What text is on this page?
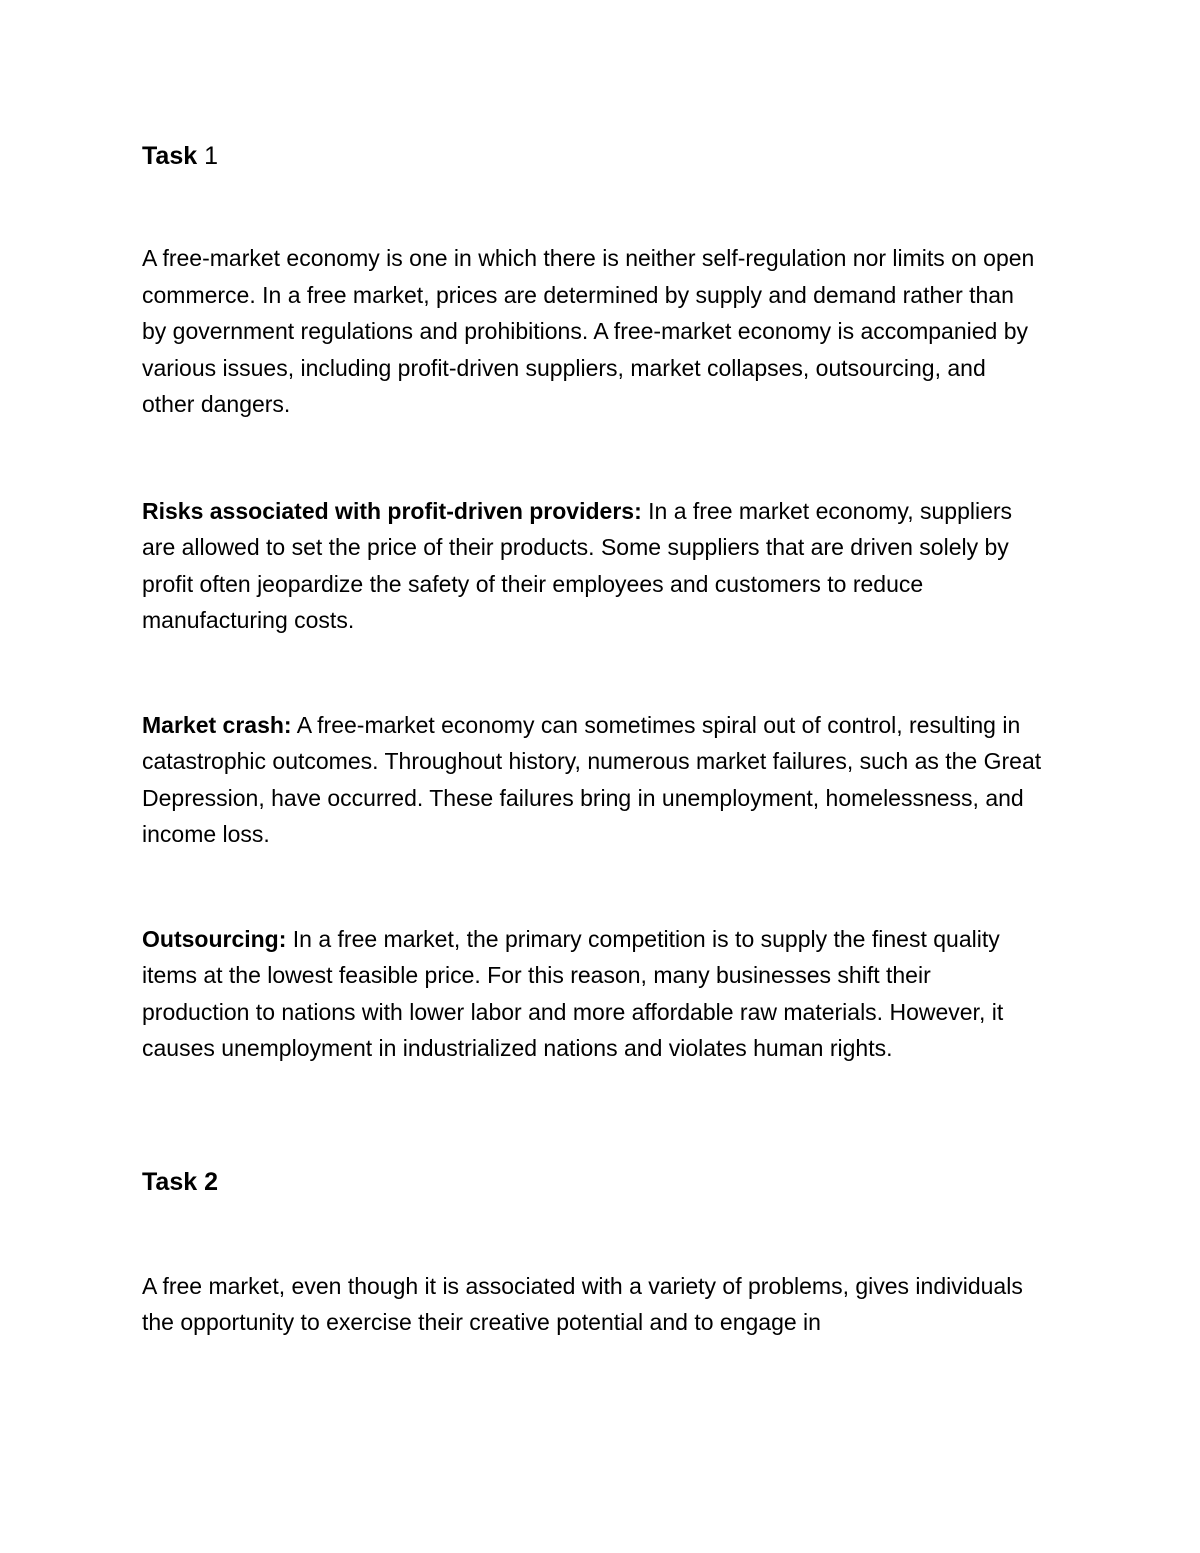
Task 1

A free-market economy is one in which there is neither self-regulation nor limits on open commerce. In a free market, prices are determined by supply and demand rather than by government regulations and prohibitions. A free-market economy is accompanied by various issues, including profit-driven suppliers, market collapses, outsourcing, and other dangers.

Risks associated with profit-driven providers: In a free market economy, suppliers are allowed to set the price of their products. Some suppliers that are driven solely by profit often jeopardize the safety of their employees and customers to reduce manufacturing costs.

Market crash: A free-market economy can sometimes spiral out of control, resulting in catastrophic outcomes. Throughout history, numerous market failures, such as the Great Depression, have occurred. These failures bring in unemployment, homelessness, and income loss.

Outsourcing: In a free market, the primary competition is to supply the finest quality items at the lowest feasible price. For this reason, many businesses shift their production to nations with lower labor and more affordable raw materials. However, it causes unemployment in industrialized nations and violates human rights.

Task 2

A free market, even though it is associated with a variety of problems, gives individuals the opportunity to exercise their creative potential and to engage in
